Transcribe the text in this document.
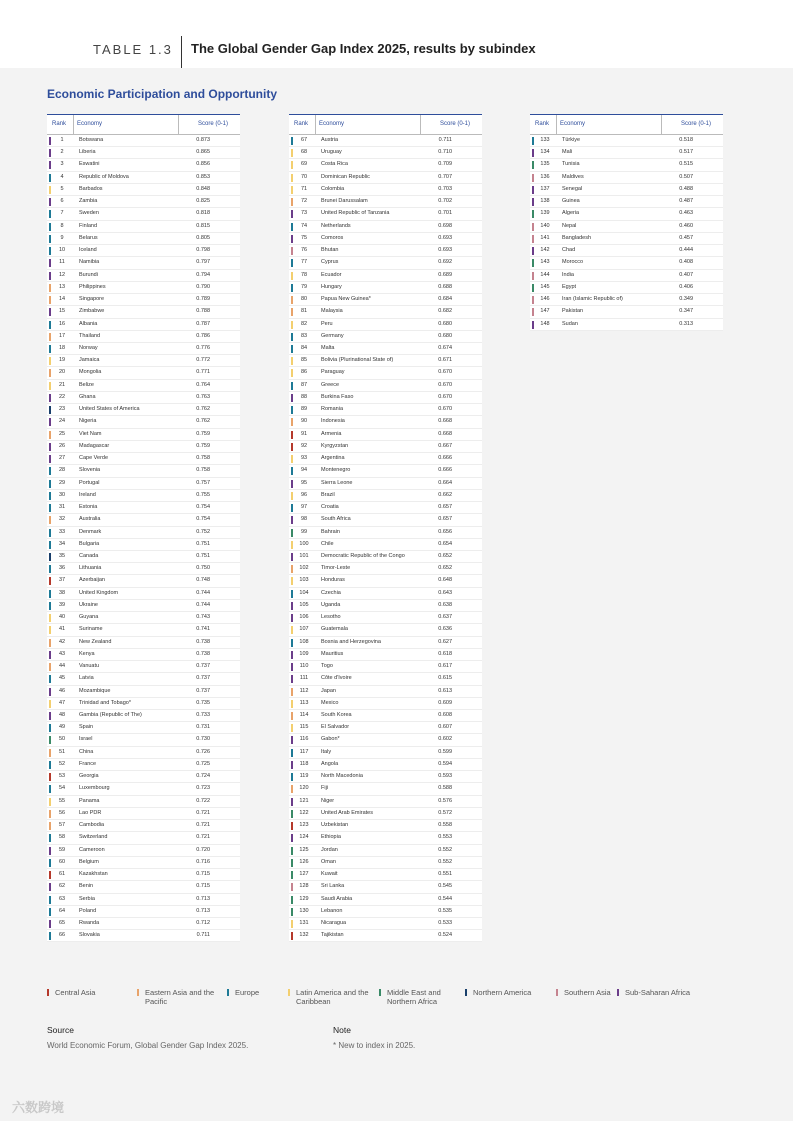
TABLE 1.3 The Global Gender Gap Index 2025, results by subindex
Economic Participation and Opportunity
Rank	Economy	Score (0-1)
1	Botswana	0.873
2	Liberia	0.865
3	Eswatini	0.856
4	Republic of Moldova	0.853
5	Barbados	0.848
6	Zambia	0.825
7	Sweden	0.818
8	Finland	0.815
9	Belarus	0.805
10	Iceland	0.798
11	Namibia	0.797
12	Burundi	0.794
13	Philippines	0.790
14	Singapore	0.789
15	Zimbabwe	0.788
16	Albania	0.787
17	Thailand	0.786
18	Norway	0.776
19	Jamaica	0.772
20	Mongolia	0.771
21	Belize	0.764
22	Ghana	0.763
23	United States of America	0.762
24	Nigeria	0.762
25	Viet Nam	0.759
26	Madagascar	0.759
27	Cape Verde	0.758
28	Slovenia	0.758
29	Portugal	0.757
30	Ireland	0.755
31	Estonia	0.754
32	Australia	0.754
33	Denmark	0.752
34	Bulgaria	0.751
35	Canada	0.751
36	Lithuania	0.750
37	Azerbaijan	0.748
38	United Kingdom	0.744
39	Ukraine	0.744
40	Guyana	0.743
41	Suriname	0.741
42	New Zealand	0.738
43	Kenya	0.738
44	Vanuatu	0.737
45	Latvia	0.737
46	Mozambique	0.737
47	Trinidad and Tobago*	0.735
48	Gambia (Republic of The)	0.733
49	Spain	0.731
50	Israel	0.730
51	China	0.726
52	France	0.725
53	Georgia	0.724
54	Luxembourg	0.723
55	Panama	0.722
56	Lao PDR	0.721
57	Cambodia	0.721
58	Switzerland	0.721
59	Cameroon	0.720
60	Belgium	0.716
61	Kazakhstan	0.715
62	Benin	0.715
63	Serbia	0.713
64	Poland	0.713
65	Rwanda	0.712
66	Slovakia	0.711
Rank	Economy	Score (0-1)
67	Austria	0.711
68	Uruguay	0.710
69	Costa Rica	0.709
70	Dominican Republic	0.707
71	Colombia	0.703
72	Brunei Darussalam	0.702
73	United Republic of Tanzania	0.701
74	Netherlands	0.698
75	Comoros	0.693
76	Bhutan	0.693
77	Cyprus	0.692
78	Ecuador	0.689
79	Hungary	0.688
80	Papua New Guinea*	0.684
81	Malaysia	0.682
82	Peru	0.680
83	Germany	0.680
84	Malta	0.674
85	Bolivia (Plurinational State of)	0.671
86	Paraguay	0.670
87	Greece	0.670
88	Burkina Faso	0.670
89	Romania	0.670
90	Indonesia	0.668
91	Armenia	0.668
92	Kyrgyzstan	0.667
93	Argentina	0.666
94	Montenegro	0.666
95	Sierra Leone	0.664
96	Brazil	0.662
97	Croatia	0.657
98	South Africa	0.657
99	Bahrain	0.656
100	Chile	0.654
101	Democratic Republic of the Congo	0.652
102	Timor-Leste	0.652
103	Honduras	0.648
104	Czechia	0.643
105	Uganda	0.638
106	Lesotho	0.637
107	Guatemala	0.636
108	Bosnia and Herzegovina	0.627
109	Mauritius	0.618
110	Togo	0.617
111	Côte d'Ivoire	0.615
112	Japan	0.613
113	Mexico	0.609
114	South Korea	0.608
115	El Salvador	0.607
116	Gabon*	0.602
117	Italy	0.599
118	Angola	0.594
119	North Macedonia	0.593
120	Fiji	0.588
121	Niger	0.576
122	United Arab Emirates	0.572
123	Uzbekistan	0.558
124	Ethiopia	0.553
125	Jordan	0.552
126	Oman	0.552
127	Kuwait	0.551
128	Sri Lanka	0.545
129	Saudi Arabia	0.544
130	Lebanon	0.535
131	Nicaragua	0.533
132	Tajikistan	0.524
Rank	Economy	Score (0-1)
133	Türkiye	0.518
134	Mali	0.517
135	Tunisia	0.515
136	Maldives	0.507
137	Senegal	0.488
138	Guinea	0.487
139	Algeria	0.463
140	Nepal	0.460
141	Bangladesh	0.457
142	Chad	0.444
143	Morocco	0.408
144	India	0.407
145	Egypt	0.406
146	Iran (Islamic Republic of)	0.349
147	Pakistan	0.347
148	Sudan	0.313
Central Asia	Eastern Asia and the Pacific
Europe	Latin America and the Caribbean
Middle East and Northern Africa
Northern America	Southern Asia	Sub-Saharan Africa
Source
World Economic Forum, Global Gender Gap Index 2025.
Note
* New to index in 2025.
六数跨境
